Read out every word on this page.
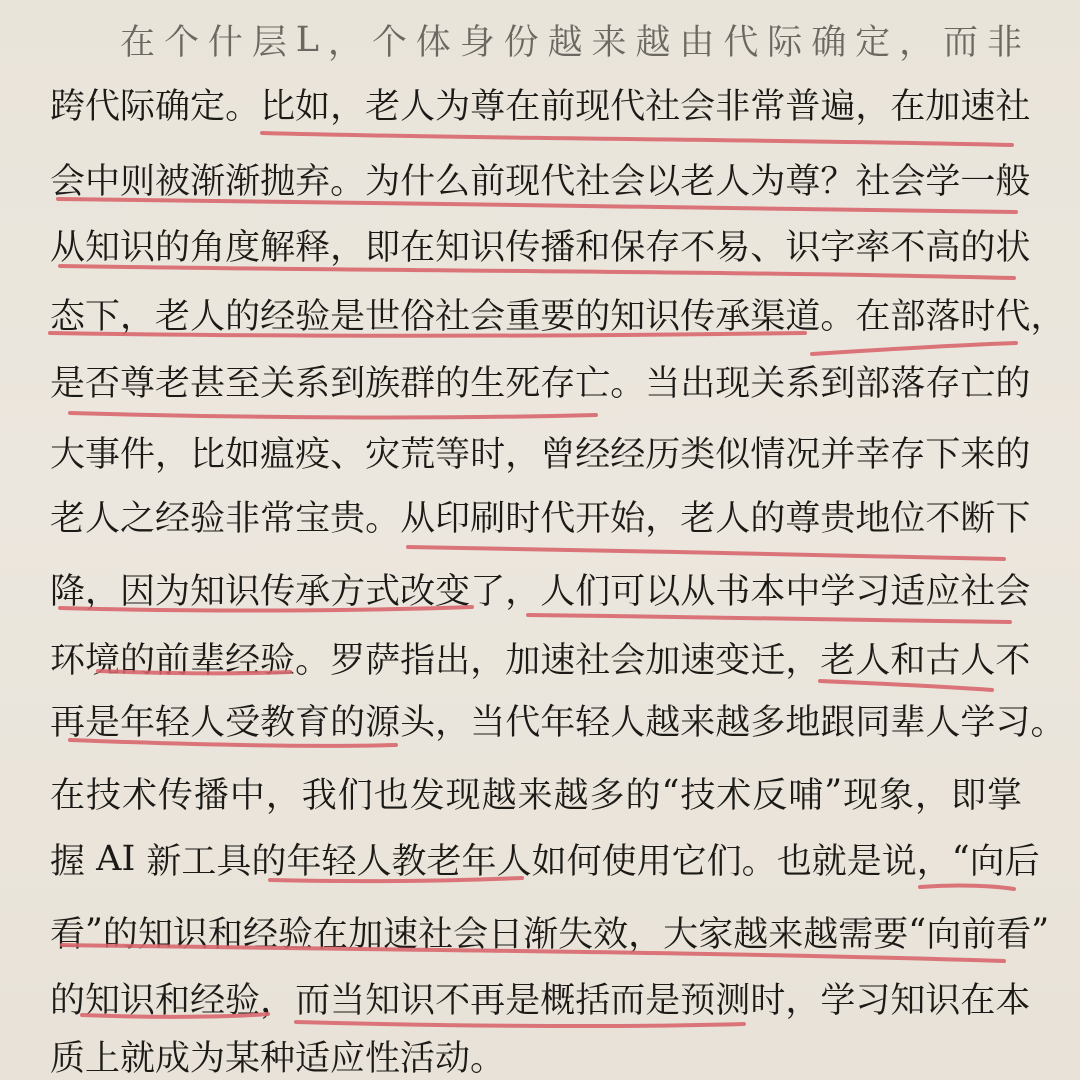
在 个 什 层 L ， 个 体 身 份 越 来 越 由 代 际 确 定 ， 而 非
跨 代 际 确 定 。 比 如 ， 老 人 为 尊 在 前 现 代 社 会 非 常 普 遍 ， 在 加 速 社
会 中 则 被 渐 渐 抛 弃 。 为 什 么 前 现 代 社 会 以 老 人 为 尊 ？ 社 会 学 一 般
从 知 识 的 角 度 解 释 ， 即 在 知 识 传 播 和 保 存 不 易 、 识 字 率 不 高 的 状
态 下 ， 老 人 的 经 验 是 世 俗 社 会 重 要 的 知 识 传 承 渠 道 。 在 部 落 时 代 ，
是 否 尊 老 甚 至 关 系 到 族 群 的 生 死 存 亡 。 当 出 现 关 系 到 部 落 存 亡 的
大 事 件 ， 比 如 瘟 疫 、 灾 荒 等 时 ， 曾 经 经 历 类 似 情 况 并 幸 存 下 来 的
老 人 之 经 验 非 常 宝 贵 。 从 印 刷 时 代 开 始 ， 老 人 的 尊 贵 地 位 不 断 下
降 ， 因 为 知 识 传 承 方 式 改 变 了 ， 人 们 可 以 从 书 本 中 学 习 适 应 社 会
环 境 的 前 辈 经 验 。 罗 萨 指 出 ， 加 速 社 会 加 速 变 迁 ， 老 人 和 古 人 不
再 是 年 轻 人 受 教 育 的 源 头 ， 当 代 年 轻 人 越 来 越 多 地 跟 同 辈 人 学 习 。
在 技 术 传 播 中 ， 我 们 也 发 现 越 来 越 多 的 “ 技 术 反 哺 ” 现 象 ， 即 掌
握
A I
新 工 具 的 年 轻 人 教 老 年 人 如 何 使 用 它 们 。 也 就 是 说 ， “ 向 后
看 ” 的 知 识 和 经 验 在 加 速 社 会 日 渐 失 效 ， 大 家 越 来 越 需 要 “ 向 前 看 ”
的 知 识 和 经 验 ， 而 当 知 识 不 再 是 概 括 而 是 预 测 时 ， 学 习 知 识 在 本
质上就成为某种适应性活动。
